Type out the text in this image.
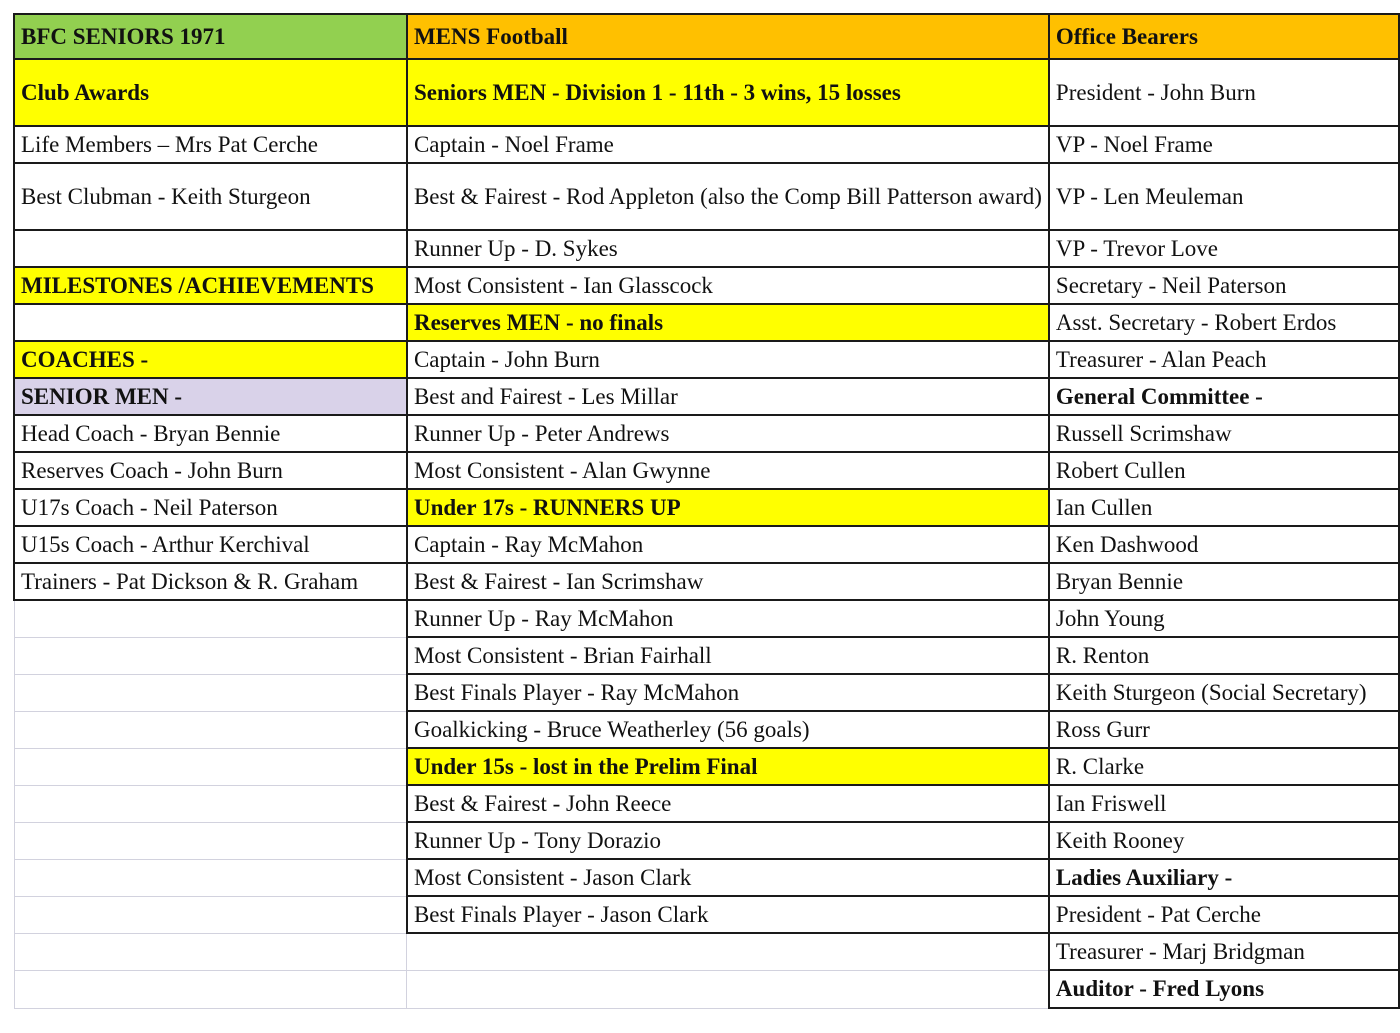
BFC SENIORS 1971	MENS Football	Office Bearers
Club Awards	Seniors MEN - Division 1 - 11th - 3 wins, 15 losses	President - John Burn
Life Members – Mrs Pat Cerche	Captain - Noel Frame	VP - Noel Frame
Best Clubman - Keith Sturgeon	Best & Fairest - Rod Appleton (also the Comp Bill Patterson award)	VP - Len Meuleman
	Runner Up - D. Sykes	VP - Trevor Love
MILESTONES /ACHIEVEMENTS	Most Consistent - Ian Glasscock	Secretary - Neil Paterson
	Reserves MEN - no finals	Asst. Secretary - Robert Erdos
COACHES -	Captain - John Burn	Treasurer - Alan Peach
SENIOR MEN -	Best and Fairest - Les Millar	General Committee -
Head Coach - Bryan Bennie	Runner Up - Peter Andrews	Russell Scrimshaw
Reserves Coach - John Burn	Most Consistent - Alan Gwynne	Robert Cullen
U17s Coach - Neil Paterson	Under 17s - RUNNERS UP	Ian Cullen
U15s Coach - Arthur Kerchival	Captain - Ray McMahon	Ken Dashwood
Trainers - Pat Dickson & R. Graham	Best & Fairest - Ian Scrimshaw	Bryan Bennie
	Runner Up - Ray McMahon	John Young
	Most Consistent - Brian Fairhall	R. Renton
	Best Finals Player - Ray McMahon	Keith Sturgeon (Social Secretary)
	Goalkicking - Bruce Weatherley (56 goals)	Ross Gurr
	Under 15s - lost in the Prelim Final	R. Clarke
	Best & Fairest - John Reece	Ian Friswell
	Runner Up - Tony Dorazio	Keith Rooney
	Most Consistent - Jason Clark	Ladies Auxiliary -
	Best Finals Player - Jason Clark	President - Pat Cerche
		Treasurer - Marj Bridgman
		Auditor - Fred Lyons
